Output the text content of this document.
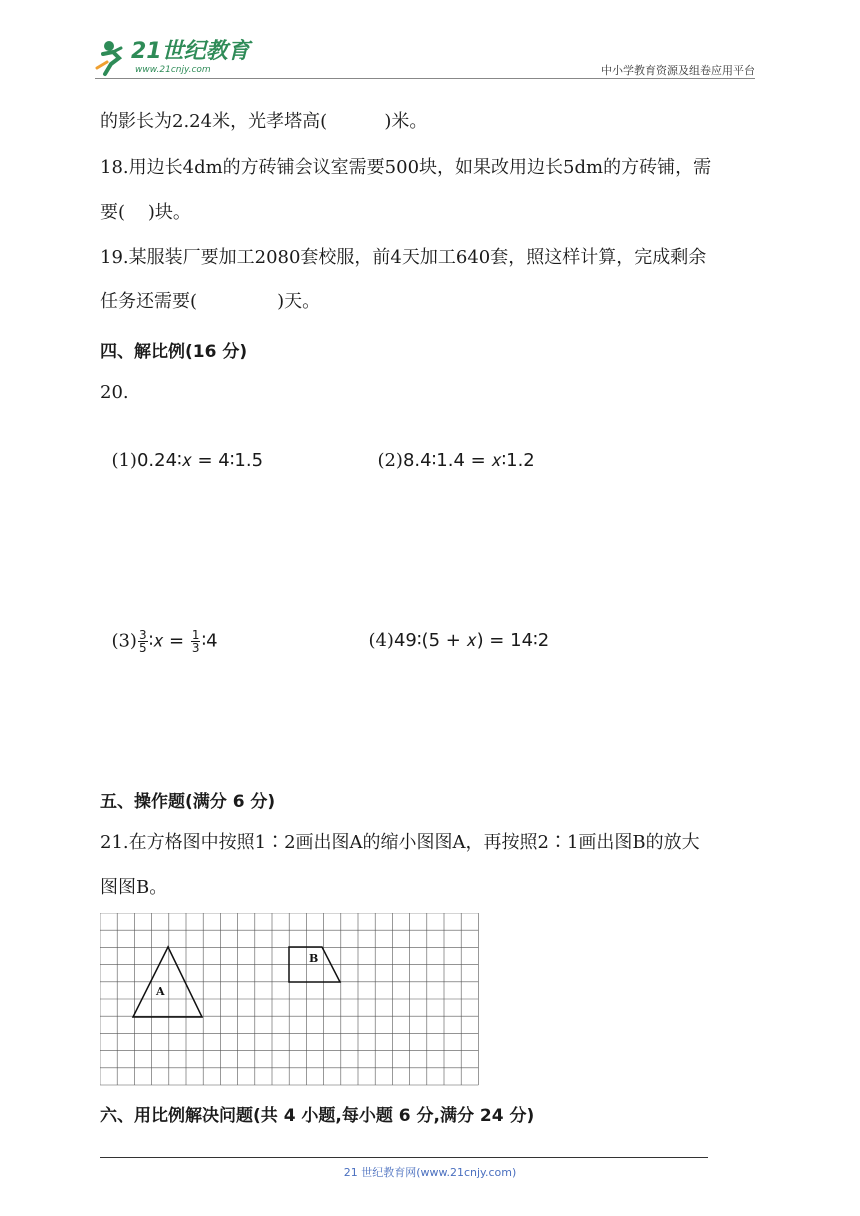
21世纪教育
www.21cnjy.com	中小学教育资源及组卷应用平台
的影长为2.24米，光孝塔高(          )米。
18.用边长4dm的方砖铺会议室需要500块，如果改用边长5dm的方砖铺，需
要(    )块。
19.某服装厂要加工2080套校服，前4天加工640套，照这样计算，完成剩余
任务还需要(              )天。
四、解比例(16 分)
20.

(1)0.24∶𝑥 = 4∶1.5	(2)8.4∶1.4 = 𝑥∶1.2

$(3) \frac{3}{5}$ ∶𝑥 = $\frac{1}{3}$ ∶4	(4)49∶(5 + 𝑥) = 14∶2

五、操作题(满分 6 分)
21.在方格图中按照1∶2画出图A的缩小图图A，再按照2∶1画出图B的放大
图图B。
A
B
六、用比例解决问题(共 4 小题,每小题 6 分,满分 24 分)
21 世纪教育网(www.21cnjy.com)
